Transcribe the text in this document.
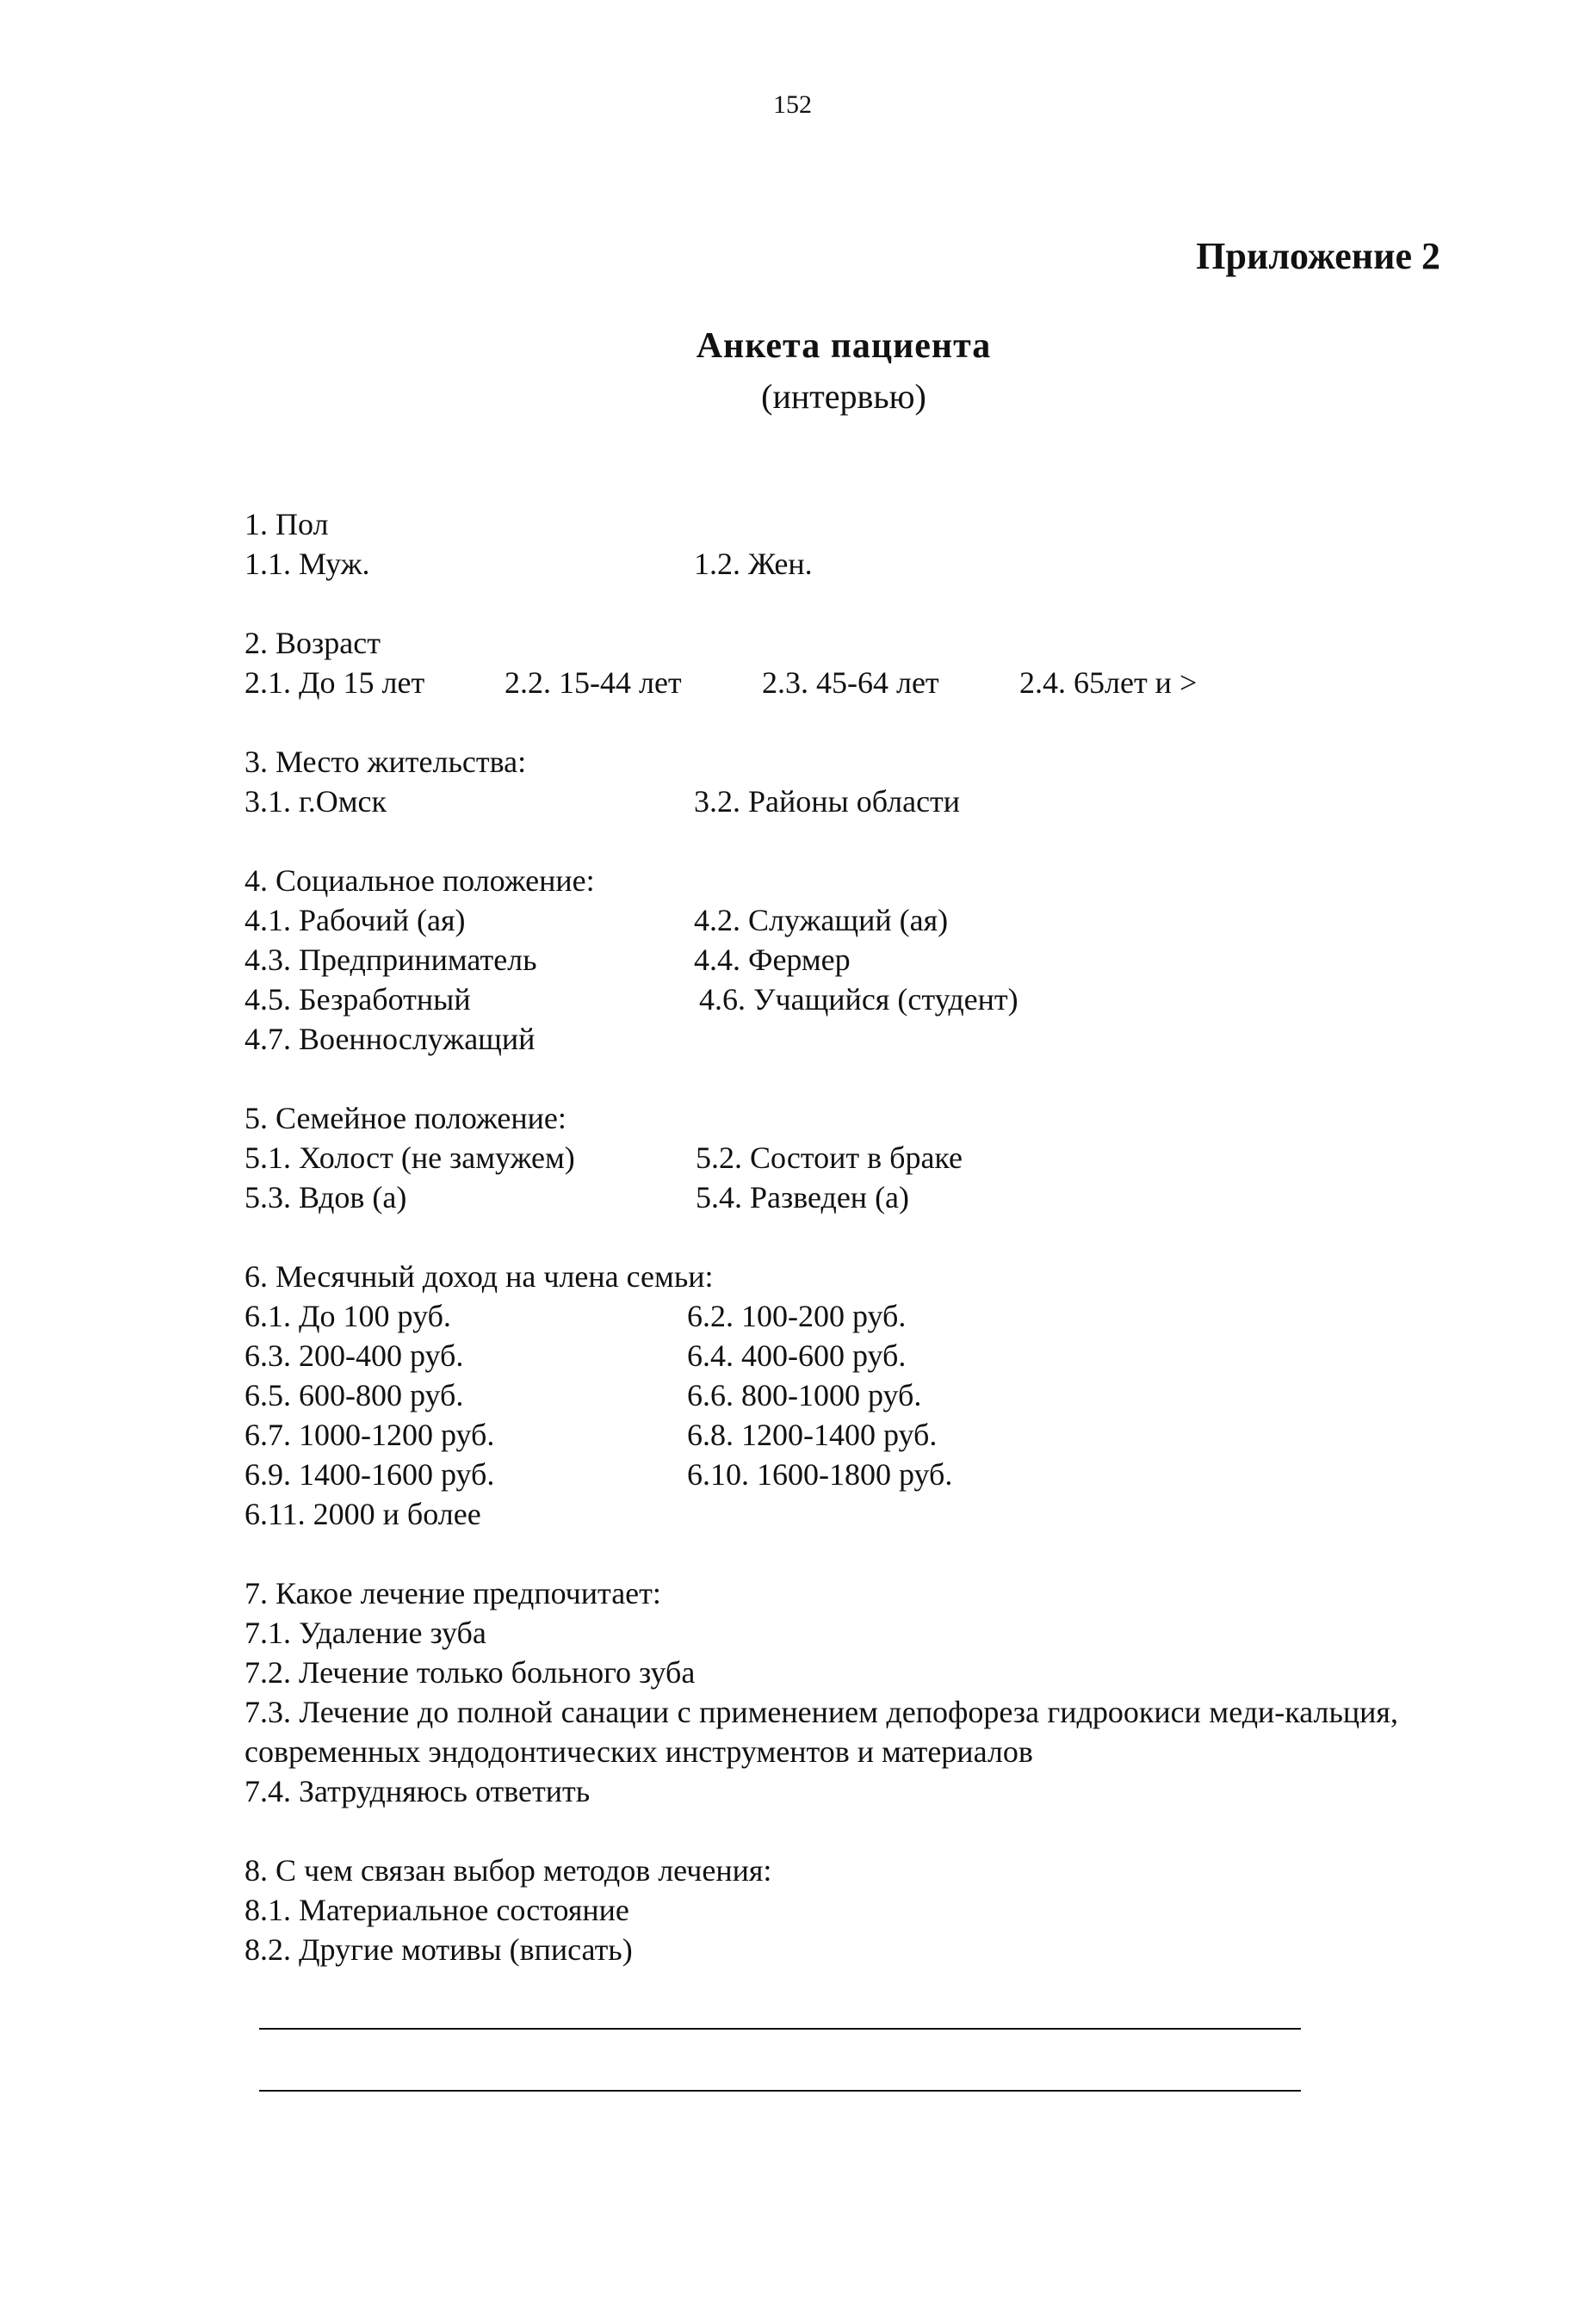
152
Приложение 2
Анкета пациента
(интервью)
1. Пол
1.1. Муж.	1.2. Жен.
2. Возраст
2.1. До 15 лет	2.2. 15-44 лет	2.3. 45-64 лет	2.4. 65лет и >
3. Место жительства:
3.1. г.Омск	3.2. Районы области
4. Социальное положение:
4.1. Рабочий (ая)	4.2. Служащий (ая)
4.3. Предприниматель	4.4. Фермер
4.5. Безработный	4.6. Учащийся (студент)
4.7. Военнослужащий
5. Семейное положение:
5.1. Холост (не замужем)	5.2. Состоит в браке
5.3. Вдов (а)	5.4. Разведен (а)
6. Месячный доход на члена семьи:
6.1. До 100 руб.	6.2. 100-200 руб.
6.3. 200-400 руб.	6.4. 400-600 руб.
6.5. 600-800 руб.	6.6. 800-1000 руб.
6.7. 1000-1200 руб.	6.8. 1200-1400 руб.
6.9. 1400-1600 руб.	6.10. 1600-1800 руб.
6.11. 2000 и более
7. Какое лечение предпочитает:
7.1. Удаление зуба
7.2. Лечение только больного зуба
7.3. Лечение до полной санации с применением депофореза гидроокиси меди-кальция, современных эндодонтических инструментов и материалов
7.4. Затрудняюсь ответить
8. С чем связан выбор методов лечения:
8.1. Материальное состояние
8.2. Другие мотивы (вписать)
